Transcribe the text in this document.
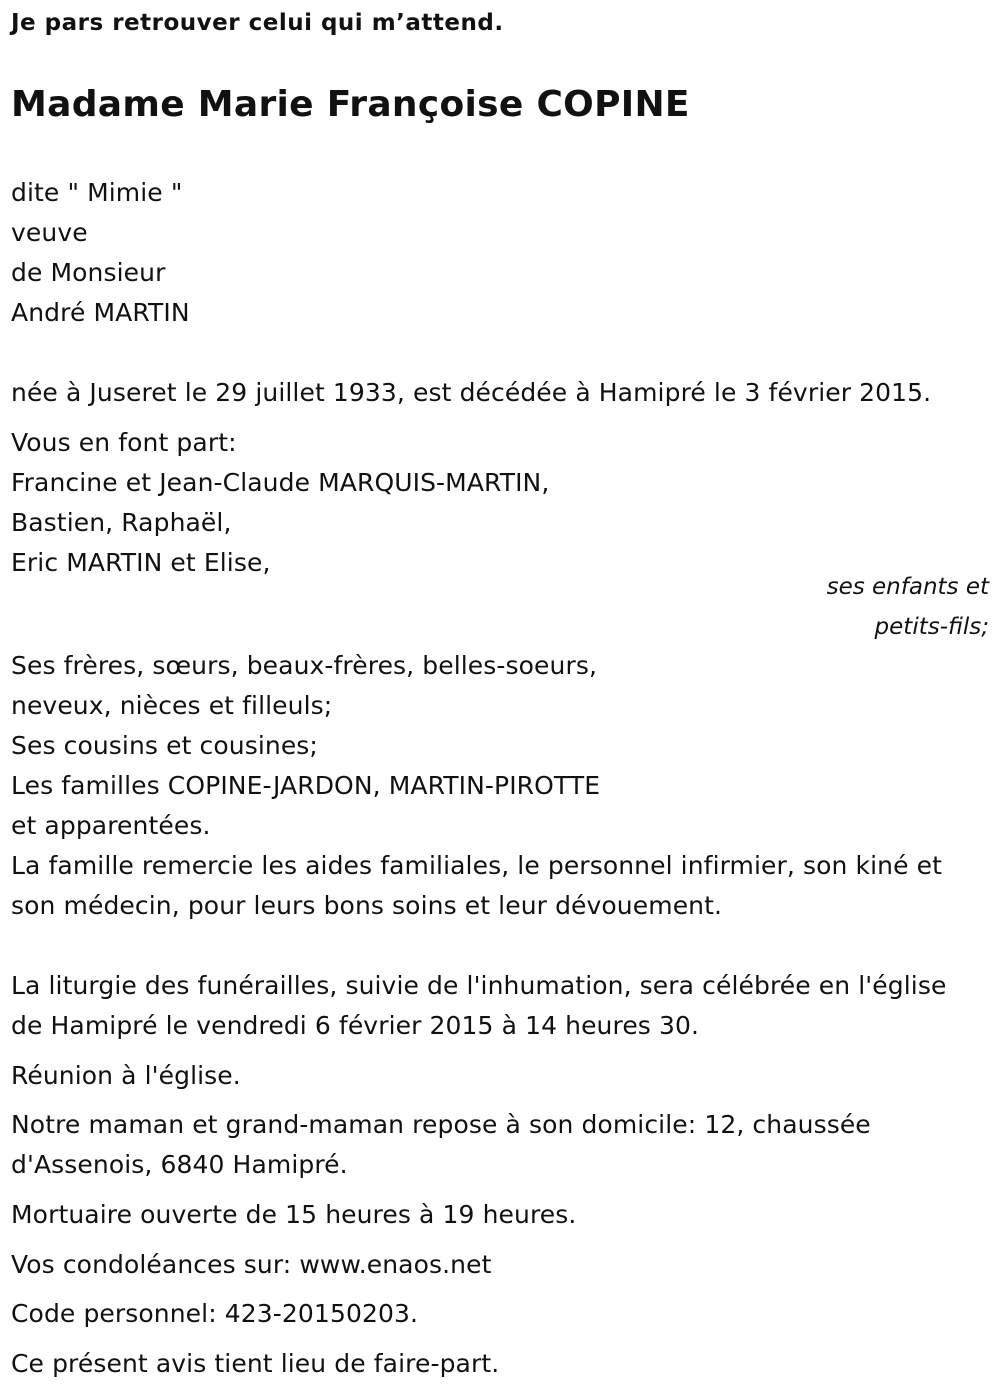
Je pars retrouver celui qui m’attend.
Madame Marie Françoise COPINE
dite " Mimie "
veuve
de Monsieur
André MARTIN
née à Juseret le 29 juillet 1933, est décédée à Hamipré le 3 février 2015.
Vous en font part:
Francine et Jean-Claude MARQUIS-MARTIN,
Bastien, Raphaël,
Eric MARTIN et Elise,
ses enfants et
petits-fils;
Ses frères, sœurs, beaux-frères, belles-soeurs,
neveux, nièces et filleuls;
Ses cousins et cousines;
Les familles COPINE-JARDON, MARTIN-PIROTTE
et apparentées.
La famille remercie les aides familiales, le personnel infirmier, son kiné et
son médecin, pour leurs bons soins et leur dévouement.
La liturgie des funérailles, suivie de l'inhumation, sera célébrée en l'église
de Hamipré le vendredi 6 février 2015 à 14 heures 30.
Réunion à l'église.
Notre maman et grand-maman repose à son domicile: 12, chaussée
d'Assenois, 6840 Hamipré.
Mortuaire ouverte de 15 heures à 19 heures.
Vos condoléances sur: www.enaos.net
Code personnel: 423-20150203.
Ce présent avis tient lieu de faire-part.
